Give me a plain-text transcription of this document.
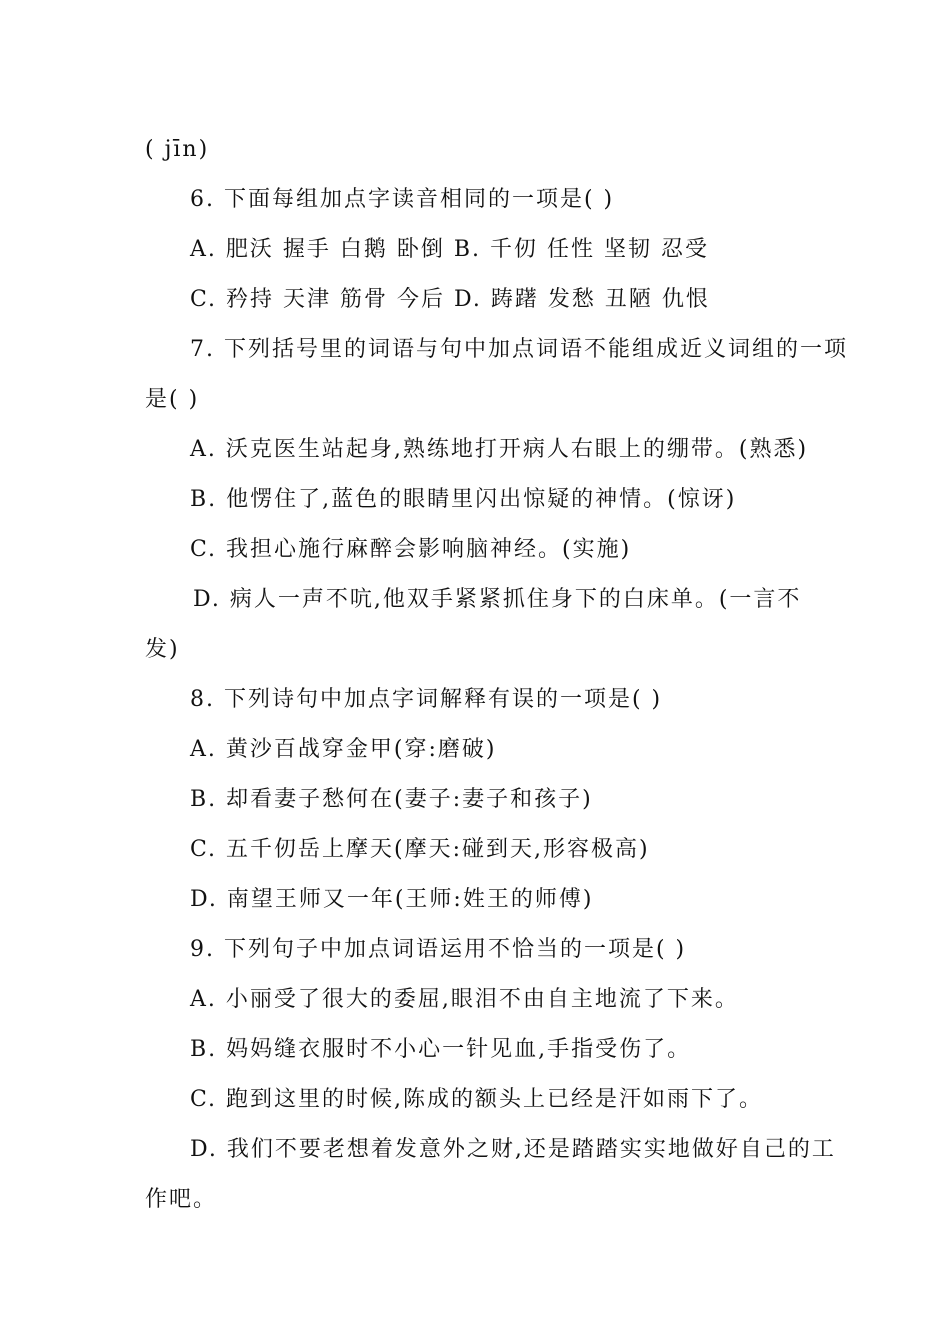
( jīn)
6. 下面每组加点字读音相同的一项是( )
A. 肥沃 握手 白鹅 卧倒 B. 千仞 任性 坚韧 忍受
C. 矜持 天津 筋骨 今后 D. 踌躇 发愁 丑陋 仇恨
7. 下列括号里的词语与句中加点词语不能组成近义词组的一项
是( )
A. 沃克医生站起身,熟练地打开病人右眼上的绷带。(熟悉)
B. 他愣住了,蓝色的眼睛里闪出惊疑的神情。(惊讶)
C. 我担心施行麻醉会影响脑神经。(实施)
D. 病人一声不吭,他双手紧紧抓住身下的白床单。(一言不
发)
8. 下列诗句中加点字词解释有误的一项是( )
A. 黄沙百战穿金甲(穿:磨破)
B. 却看妻子愁何在(妻子:妻子和孩子)
C. 五千仞岳上摩天(摩天:碰到天,形容极高)
D. 南望王师又一年(王师:姓王的师傅)
9. 下列句子中加点词语运用不恰当的一项是( )
A. 小丽受了很大的委屈,眼泪不由自主地流了下来。
B. 妈妈缝衣服时不小心一针见血,手指受伤了。
C. 跑到这里的时候,陈成的额头上已经是汗如雨下了。
D. 我们不要老想着发意外之财,还是踏踏实实地做好自己的工
作吧。
